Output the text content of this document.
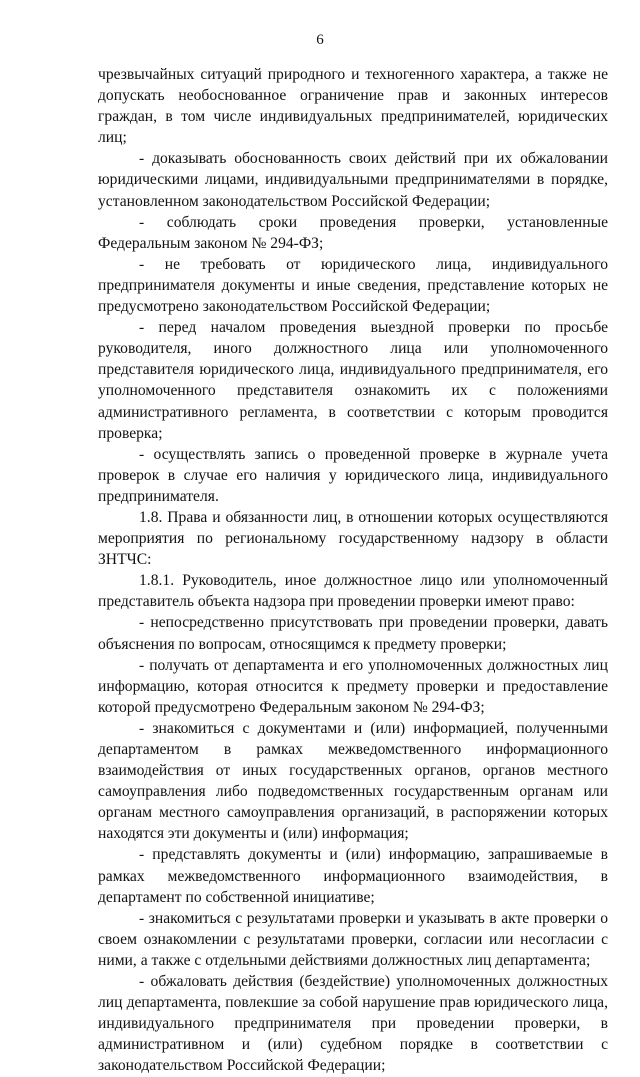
6

чрезвычайных ситуаций природного и техногенного характера, а также не допускать необоснованное ограничение прав и законных интересов граждан, в том числе индивидуальных предпринимателей, юридических лиц;

- доказывать обоснованность своих действий при их обжаловании юридическими лицами, индивидуальными предпринимателями в порядке, установленном законодательством Российской Федерации;

- соблюдать сроки проведения проверки, установленные Федеральным законом № 294-ФЗ;

- не требовать от юридического лица, индивидуального предпринимателя документы и иные сведения, представление которых не предусмотрено законодательством Российской Федерации;

- перед началом проведения выездной проверки по просьбе руководителя, иного должностного лица или уполномоченного представителя юридического лица, индивидуального предпринимателя, его уполномоченного представителя ознакомить их с положениями административного регламента, в соответствии с которым проводится проверка;

- осуществлять запись о проведенной проверке в журнале учета проверок в случае его наличия у юридического лица, индивидуального предпринимателя.

1.8. Права и обязанности лиц, в отношении которых осуществляются мероприятия по региональному государственному надзору в области ЗНТЧС:

1.8.1. Руководитель, иное должностное лицо или уполномоченный представитель объекта надзора при проведении проверки имеют право:

- непосредственно присутствовать при проведении проверки, давать объяснения по вопросам, относящимся к предмету проверки;

- получать от департамента и его уполномоченных должностных лиц информацию, которая относится к предмету проверки и предоставление которой предусмотрено Федеральным законом № 294-ФЗ;

- знакомиться с документами и (или) информацией, полученными департаментом в рамках межведомственного информационного взаимодействия от иных государственных органов, органов местного самоуправления либо подведомственных государственным органам или органам местного самоуправления организаций, в распоряжении которых находятся эти документы и (или) информация;

- представлять документы и (или) информацию, запрашиваемые в рамках межведомственного информационного взаимодействия, в департамент по собственной инициативе;

- знакомиться с результатами проверки и указывать в акте проверки о своем ознакомлении с результатами проверки, согласии или несогласии с ними, а также с отдельными действиями должностных лиц департамента;

- обжаловать действия (бездействие) уполномоченных должностных лиц департамента, повлекшие за собой нарушение прав юридического лица, индивидуального предпринимателя при проведении проверки, в административном и (или) судебном порядке в соответствии с законодательством Российской Федерации;
